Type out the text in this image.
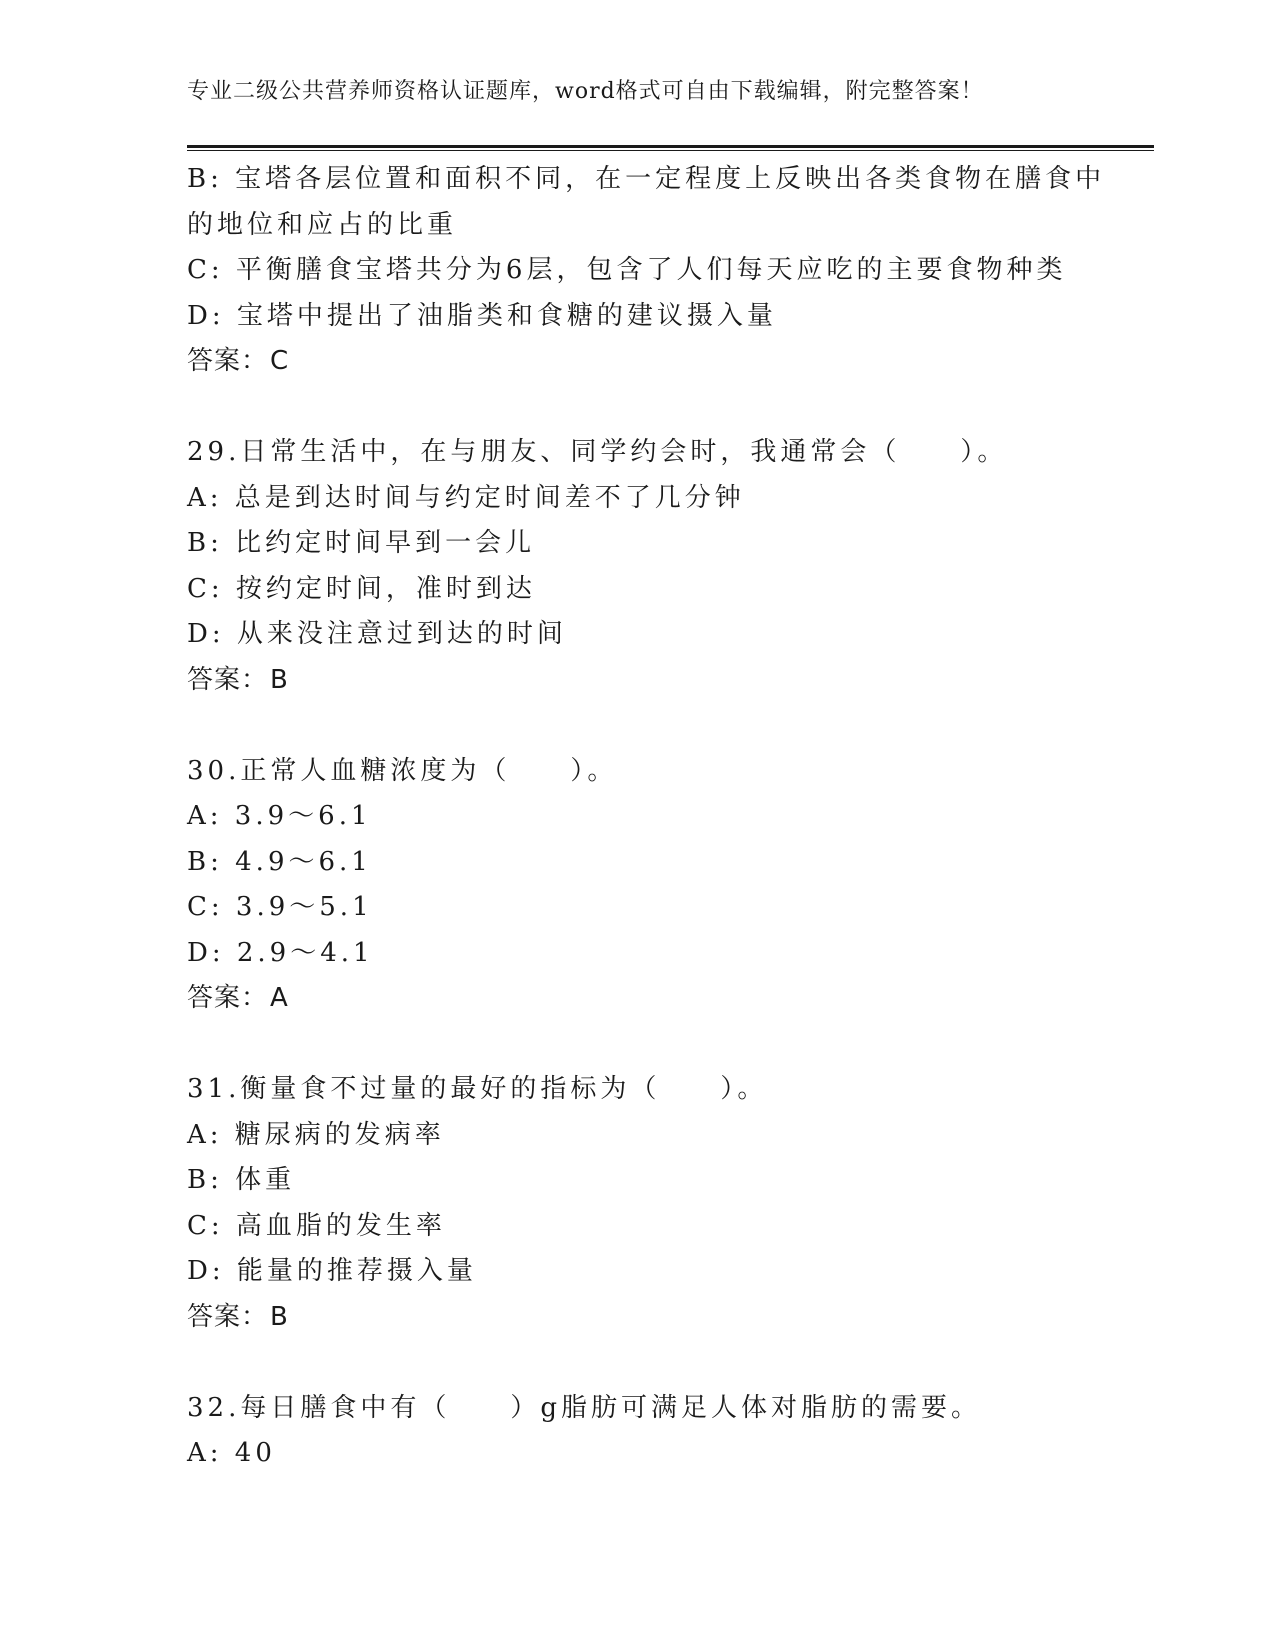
专业二级公共营养师资格认证题库，word格式可自由下载编辑，附完整答案！
B: 宝塔各层位置和面积不同，在一定程度上反映出各类食物在膳食中
的地位和应占的比重
C: 平衡膳食宝塔共分为6层，包含了人们每天应吃的主要食物种类
D: 宝塔中提出了油脂类和食糖的建议摄入量
答案：C
29.日常生活中，在与朋友、同学约会时，我通常会（　　）。
A: 总是到达时间与约定时间差不了几分钟
B: 比约定时间早到一会儿
C: 按约定时间，准时到达
D: 从来没注意过到达的时间
答案：B
30.正常人血糖浓度为（　　）。
A: 3.9～6.1
B: 4.9～6.1
C: 3.9～5.1
D: 2.9～4.1
答案：A
31.衡量食不过量的最好的指标为（　　）。
A: 糖尿病的发病率
B: 体重
C: 高血脂的发生率
D: 能量的推荐摄入量
答案：B
32.每日膳食中有（　　）g脂肪可满足人体对脂肪的需要。
A: 40
